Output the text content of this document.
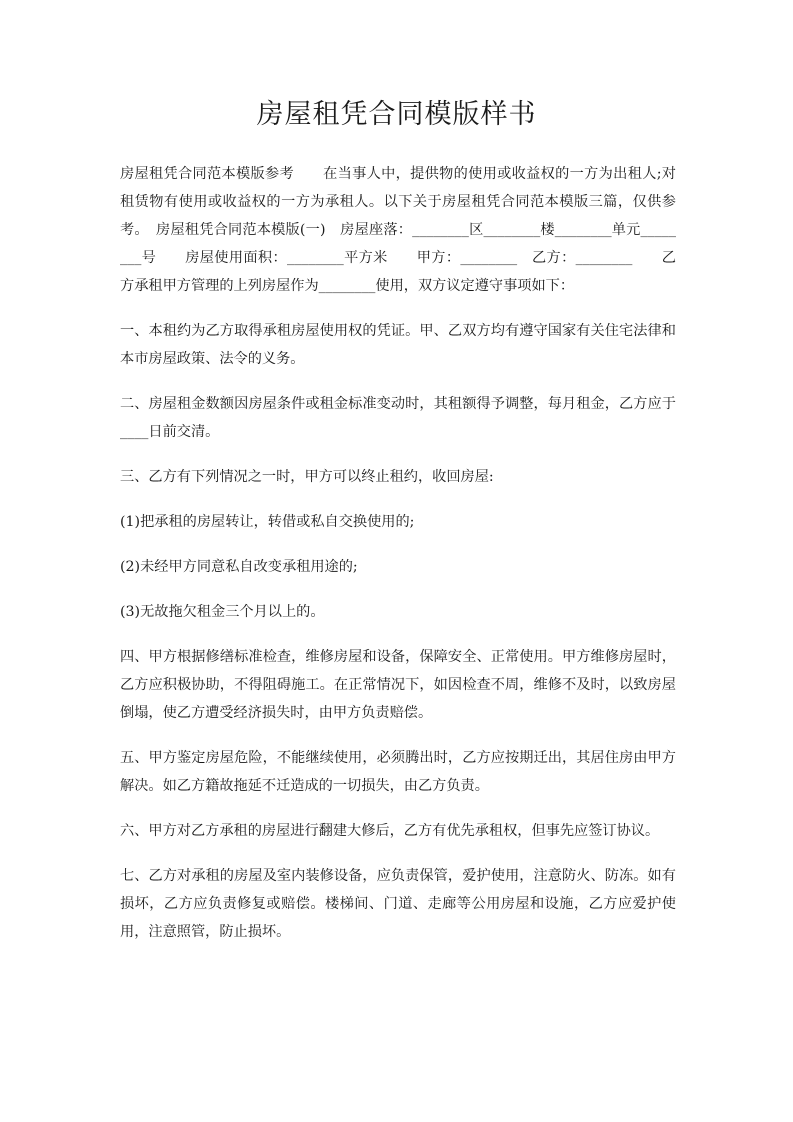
房屋租凭合同模版样书

房屋租凭合同范本模版参考　　在当事人中，提供物的使用或收益权的一方为出租人;对租赁物有使用或收益权的一方为承租人。以下关于房屋租凭合同范本模版三篇，仅供参考。　房屋租凭合同范本模版(一)　房屋座落：________区________楼________单元________号　　房屋使用面积：________平方米　　甲方：________　乙方：________　　乙方承租甲方管理的上列房屋作为________使用，双方议定遵守事项如下：

一、本租约为乙方取得承租房屋使用权的凭证。甲、乙双方均有遵守国家有关住宅法律和本市房屋政策、法令的义务。

二、房屋租金数额因房屋条件或租金标准变动时，其租额得予调整，每月租金，乙方应于____日前交清。

三、乙方有下列情况之一时，甲方可以终止租约，收回房屋:

(1)把承租的房屋转让，转借或私自交换使用的;

(2)未经甲方同意私自改变承租用途的;

(3)无故拖欠租金三个月以上的。

四、甲方根据修缮标准检查，维修房屋和设备，保障安全、正常使用。甲方维修房屋时，乙方应积极协助，不得阻碍施工。在正常情况下，如因检查不周，维修不及时，以致房屋倒塌，使乙方遭受经济损失时，由甲方负责赔偿。

五、甲方鉴定房屋危险，不能继续使用，必须腾出时，乙方应按期迁出，其居住房由甲方解决。如乙方籍故拖延不迁造成的一切损失，由乙方负责。

六、甲方对乙方承租的房屋进行翻建大修后，乙方有优先承租权，但事先应签订协议。

七、乙方对承租的房屋及室内装修设备，应负责保管，爱护使用，注意防火、防冻。如有损坏，乙方应负责修复或赔偿。楼梯间、门道、走廊等公用房屋和设施，乙方应爱护使用，注意照管，防止损坏。
